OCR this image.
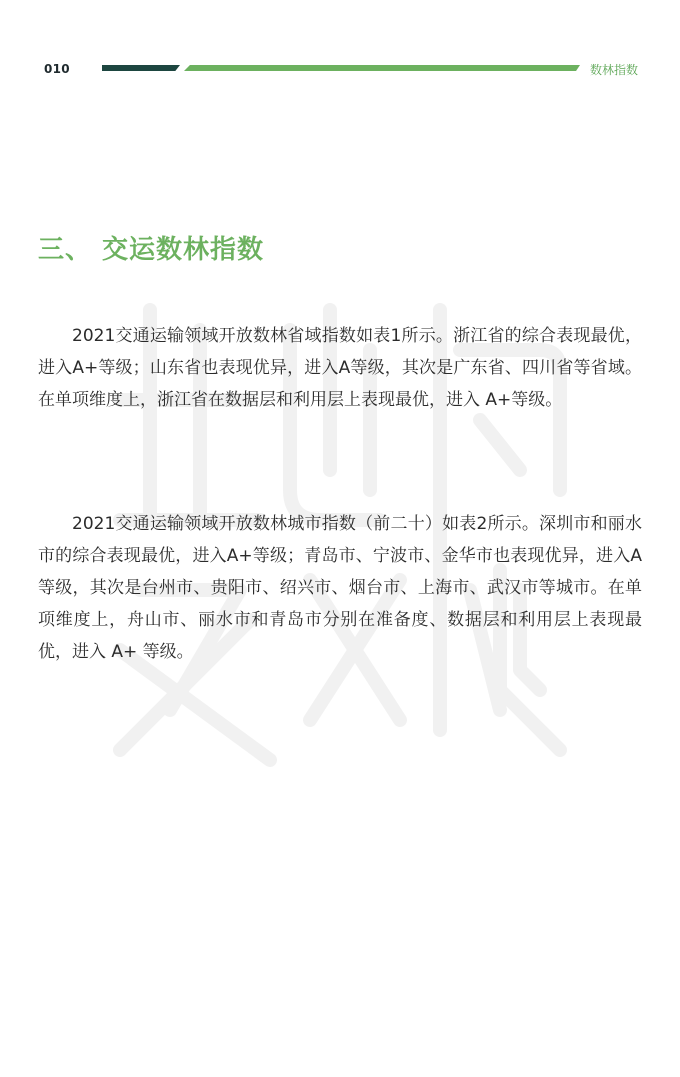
010	数林指数
三、 交运数林指数

2021交通运输领域开放数林省域指数如表1所示。浙江省的综合表现最优，进入A+等级；山东省也表现优异，进入A等级，其次是广东省、四川省等省域。在单项维度上，浙江省在数据层和利用层上表现最优，进入 A+等级。

2021交通运输领域开放数林城市指数（前二十）如表2所示。深圳市和丽水市的综合表现最优，进入A+等级；青岛市、宁波市、金华市也表现优异，进入A等级，其次是台州市、贵阳市、绍兴市、烟台市、上海市、武汉市等城市。在单项维度上，舟山市、丽水市和青岛市分别在准备度、数据层和利用层上表现最优，进入 A+ 等级。
